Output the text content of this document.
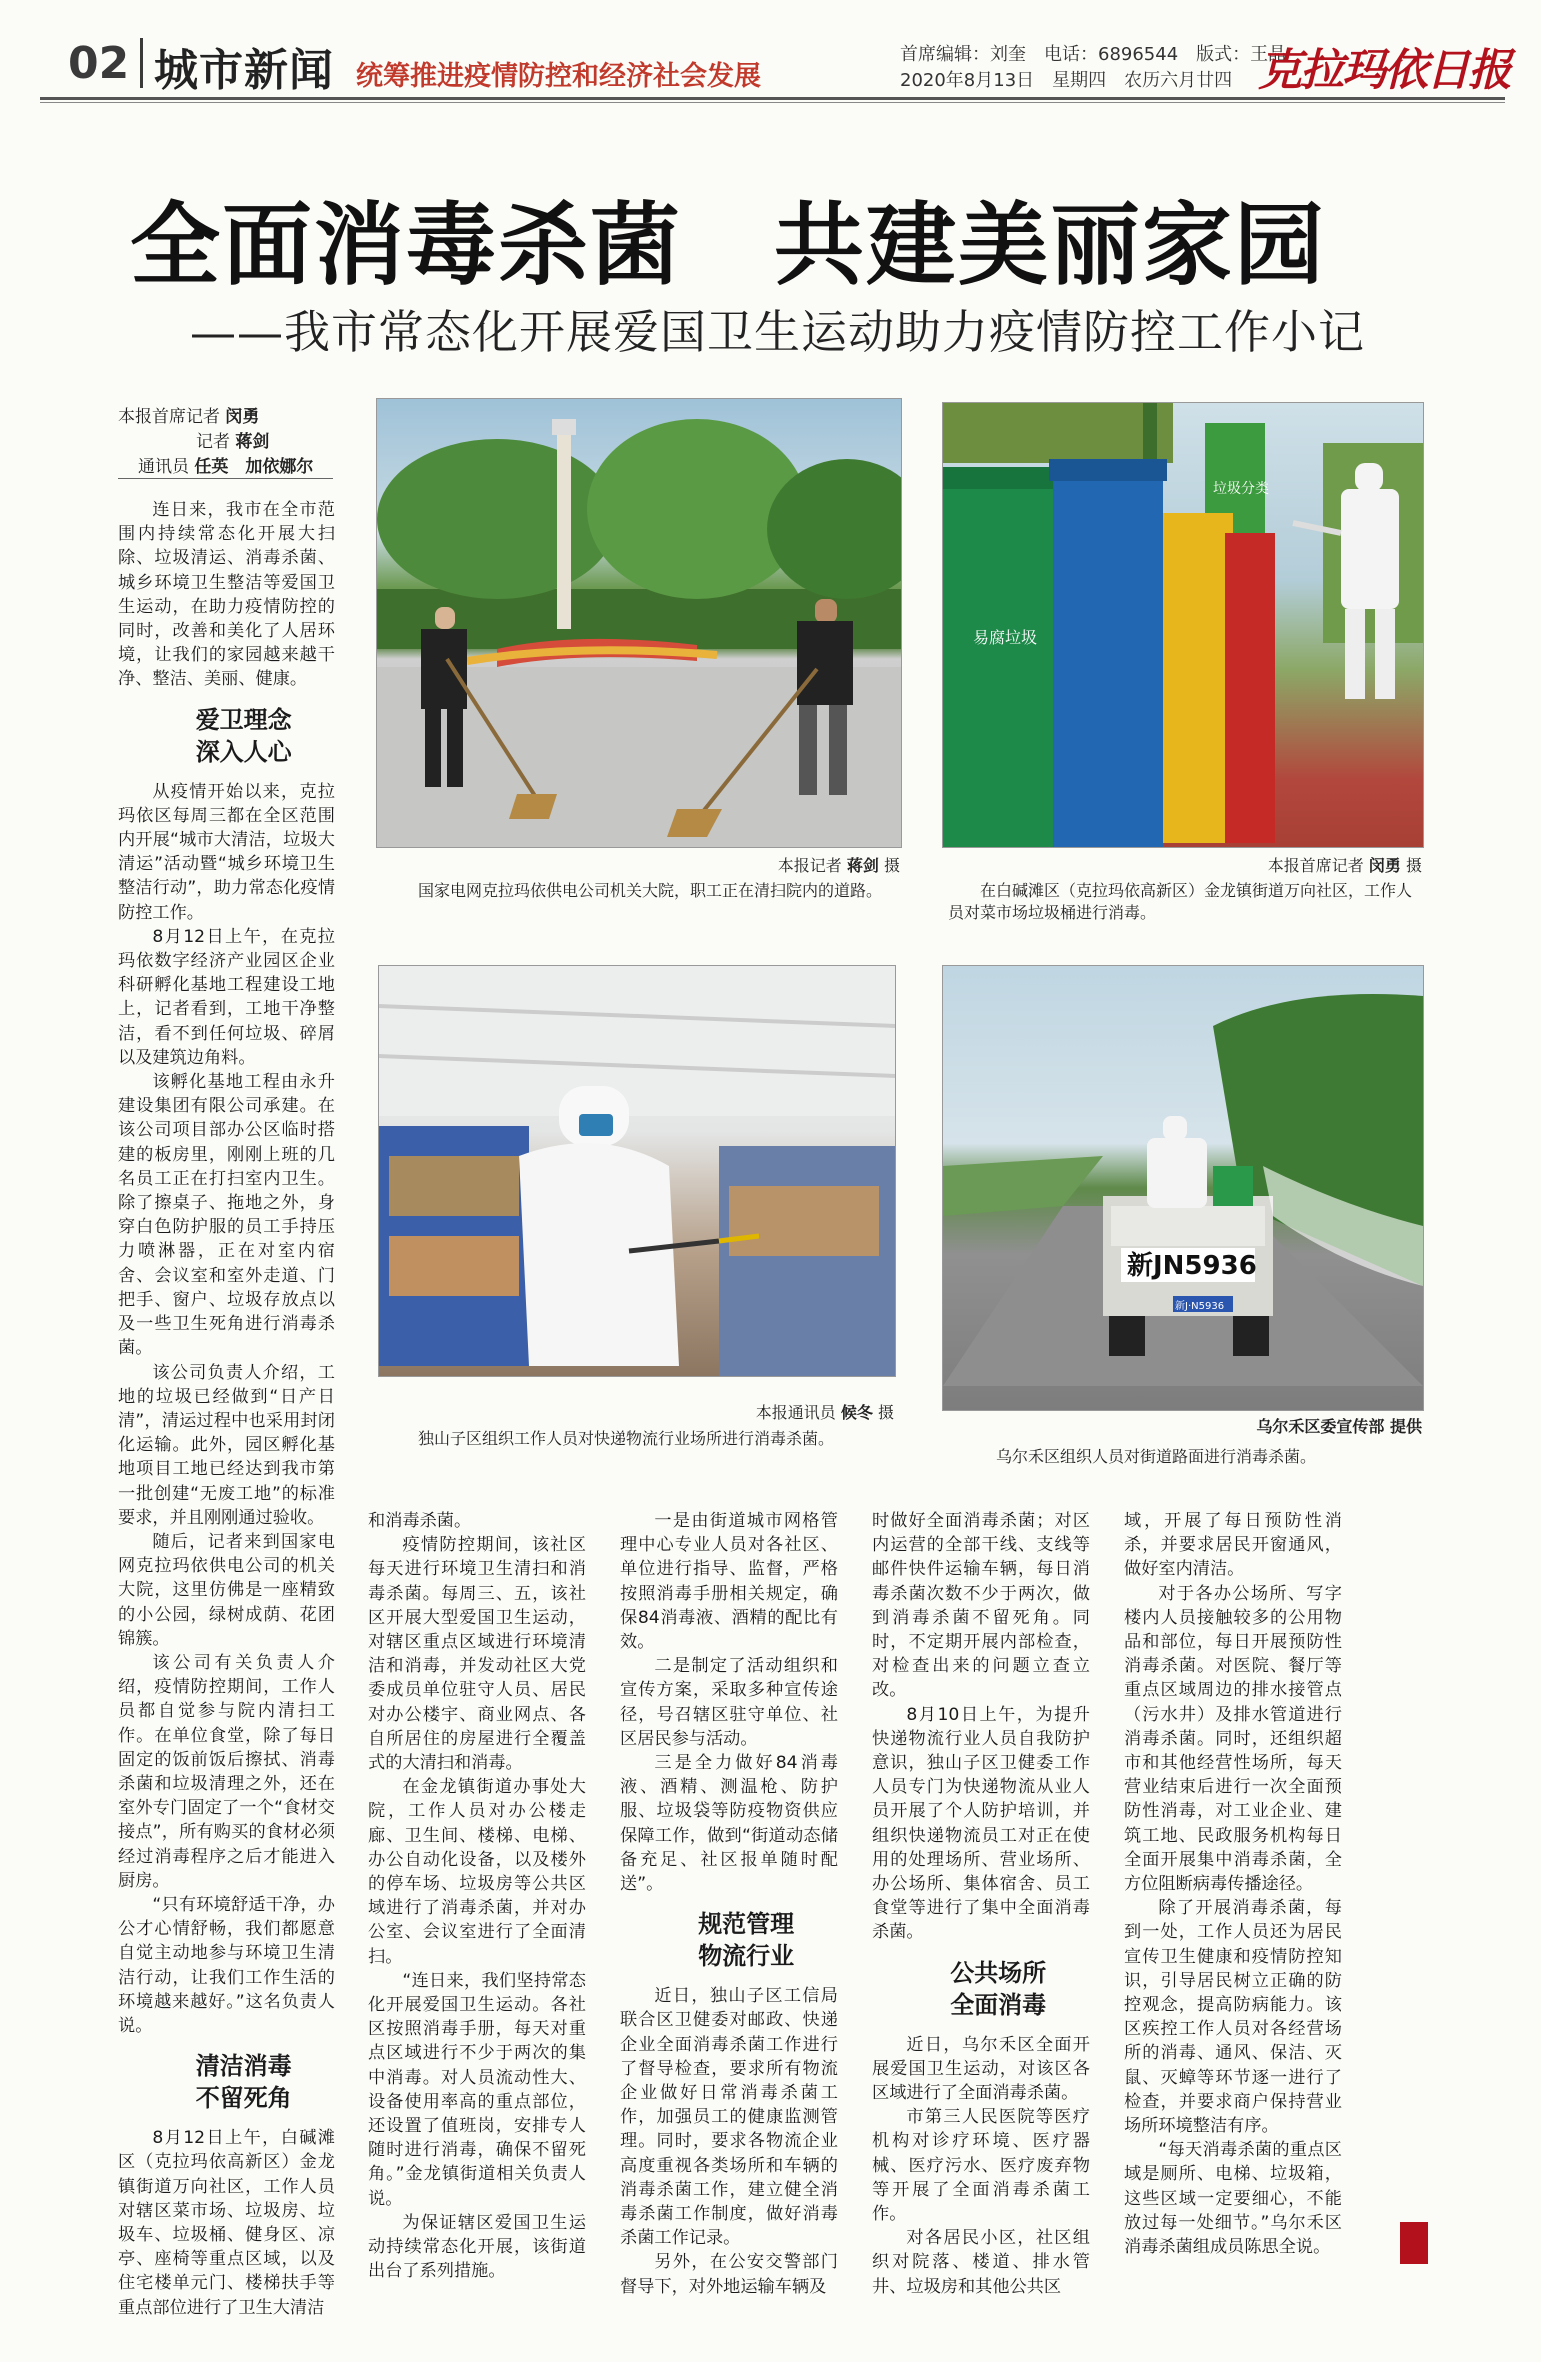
02 城市新闻 统筹推进疫情防控和经济社会发展
首席编辑：刘奎　电话：6896544　版式：王晶
2020年8月13日　星期四　农历六月廿四 克拉玛依日报
全面消毒杀菌　共建美丽家园
——我市常态化开展爱国卫生运动助力疫情防控工作小记
本报首席记者 闵勇
记者 蒋剑
通讯员 任英　加依娜尔

连日来，我市在全市范围内持续常态化开展大扫除、垃圾清运、消毒杀菌、城乡环境卫生整洁等爱国卫生运动，在助力疫情防控的同时，改善和美化了人居环境，让我们的家园越来越干净、整洁、美丽、健康。

爱卫理念
深入人心

从疫情开始以来，克拉玛依区每周三都在全区范围内开展“城市大清洁，垃圾大清运”活动暨“城乡环境卫生整洁行动”，助力常态化疫情防控工作。

8月12日上午，在克拉玛依数字经济产业园区企业科研孵化基地工程建设工地上，记者看到，工地干净整洁，看不到任何垃圾、碎屑以及建筑边角料。

该孵化基地工程由永升建设集团有限公司承建。在该公司项目部办公区临时搭建的板房里，刚刚上班的几名员工正在打扫室内卫生。除了擦桌子、拖地之外，身穿白色防护服的员工手持压力喷淋器，正在对室内宿舍、会议室和室外走道、门把手、窗户、垃圾存放点以及一些卫生死角进行消毒杀菌。

该公司负责人介绍，工地的垃圾已经做到“日产日清”，清运过程中也采用封闭化运输。此外，园区孵化基地项目工地已经达到我市第一批创建“无废工地”的标准要求，并且刚刚通过验收。

随后，记者来到国家电网克拉玛依供电公司的机关大院，这里仿佛是一座精致的小公园，绿树成荫、花团锦簇。

该公司有关负责人介绍，疫情防控期间，工作人员都自觉参与院内清扫工作。在单位食堂，除了每日固定的饭前饭后擦拭、消毒杀菌和垃圾清理之外，还在室外专门固定了一个“食材交接点”，所有购买的食材必须经过消毒程序之后才能进入厨房。

“只有环境舒适干净，办公才心情舒畅，我们都愿意自觉主动地参与环境卫生清洁行动，让我们工作生活的环境越来越好。”这名负责人说。

清洁消毒
不留死角

8月12日上午，白碱滩区（克拉玛依高新区）金龙镇街道万向社区，工作人员对辖区菜市场、垃圾房、垃圾车、垃圾桶、健身区、凉亭、座椅等重点区域，以及住宅楼单元门、楼梯扶手等重点部位进行了卫生大清洁

本报记者 蒋剑 摄
国家电网克拉玛依供电公司机关大院，职工正在清扫院内的道路。
垃圾分类
易腐垃圾
本报首席记者 闵勇 摄
在白碱滩区（克拉玛依高新区）金龙镇街道万向社区，工作人员对菜市场垃圾桶进行消毒。
本报通讯员 候冬 摄
独山子区组织工作人员对快递物流行业场所进行消毒杀菌。
新JN5936
新J·N5936
乌尔禾区委宣传部 提供
乌尔禾区组织人员对街道路面进行消毒杀菌。

和消毒杀菌。

疫情防控期间，该社区每天进行环境卫生清扫和消毒杀菌。每周三、五，该社区开展大型爱国卫生运动，对辖区重点区域进行环境清洁和消毒，并发动社区大党委成员单位驻守人员、居民对办公楼宇、商业网点、各自所居住的房屋进行全覆盖式的大清扫和消毒。

在金龙镇街道办事处大院，工作人员对办公楼走廊、卫生间、楼梯、电梯、办公自动化设备，以及楼外的停车场、垃圾房等公共区域进行了消毒杀菌，并对办公室、会议室进行了全面清扫。

“连日来，我们坚持常态化开展爱国卫生运动。各社区按照消毒手册，每天对重点区域进行不少于两次的集中消毒。对人员流动性大、设备使用率高的重点部位，还设置了值班岗，安排专人随时进行消毒，确保不留死角。”金龙镇街道相关负责人说。

为保证辖区爱国卫生运动持续常态化开展，该街道出台了系列措施。

一是由街道城市网格管理中心专业人员对各社区、单位进行指导、监督，严格按照消毒手册相关规定，确保84消毒液、酒精的配比有效。

二是制定了活动组织和宣传方案，采取多种宣传途径，号召辖区驻守单位、社区居民参与活动。

三是全力做好84消毒液、酒精、测温枪、防护服、垃圾袋等防疫物资供应保障工作，做到“街道动态储备充足、社区报单随时配送”。

规范管理
物流行业

近日，独山子区工信局联合区卫健委对邮政、快递企业全面消毒杀菌工作进行了督导检查，要求所有物流企业做好日常消毒杀菌工作，加强员工的健康监测管理。同时，要求各物流企业高度重视各类场所和车辆的消毒杀菌工作，建立健全消毒杀菌工作制度，做好消毒杀菌工作记录。

另外，在公安交警部门督导下，对外地运输车辆及

时做好全面消毒杀菌；对区内运营的全部干线、支线等邮件快件运输车辆，每日消毒杀菌次数不少于两次，做到消毒杀菌不留死角。同时，不定期开展内部检查，对检查出来的问题立查立改。

8月10日上午，为提升快递物流行业人员自我防护意识，独山子区卫健委工作人员专门为快递物流从业人员开展了个人防护培训，并组织快递物流员工对正在使用的处理场所、营业场所、办公场所、集体宿舍、员工食堂等进行了集中全面消毒杀菌。

公共场所
全面消毒

近日，乌尔禾区全面开展爱国卫生运动，对该区各区域进行了全面消毒杀菌。

市第三人民医院等医疗机构对诊疗环境、医疗器械、医疗污水、医疗废弃物等开展了全面消毒杀菌工作。

对各居民小区，社区组织对院落、楼道、排水管井、垃圾房和其他公共区

域，开展了每日预防性消杀，并要求居民开窗通风，做好室内清洁。

对于各办公场所、写字楼内人员接触较多的公用物品和部位，每日开展预防性消毒杀菌。对医院、餐厅等重点区域周边的排水接管点（污水井）及排水管道进行消毒杀菌。同时，还组织超市和其他经营性场所，每天营业结束后进行一次全面预防性消毒，对工业企业、建筑工地、民政服务机构每日全面开展集中消毒杀菌，全方位阻断病毒传播途径。

除了开展消毒杀菌，每到一处，工作人员还为居民宣传卫生健康和疫情防控知识，引导居民树立正确的防控观念，提高防病能力。该区疾控工作人员对各经营场所的消毒、通风、保洁、灭鼠、灭蟑等环节逐一进行了检查，并要求商户保持营业场所环境整洁有序。

“每天消毒杀菌的重点区域是厕所、电梯、垃圾箱，这些区域一定要细心，不能放过每一处细节。”乌尔禾区消毒杀菌组成员陈思全说。
